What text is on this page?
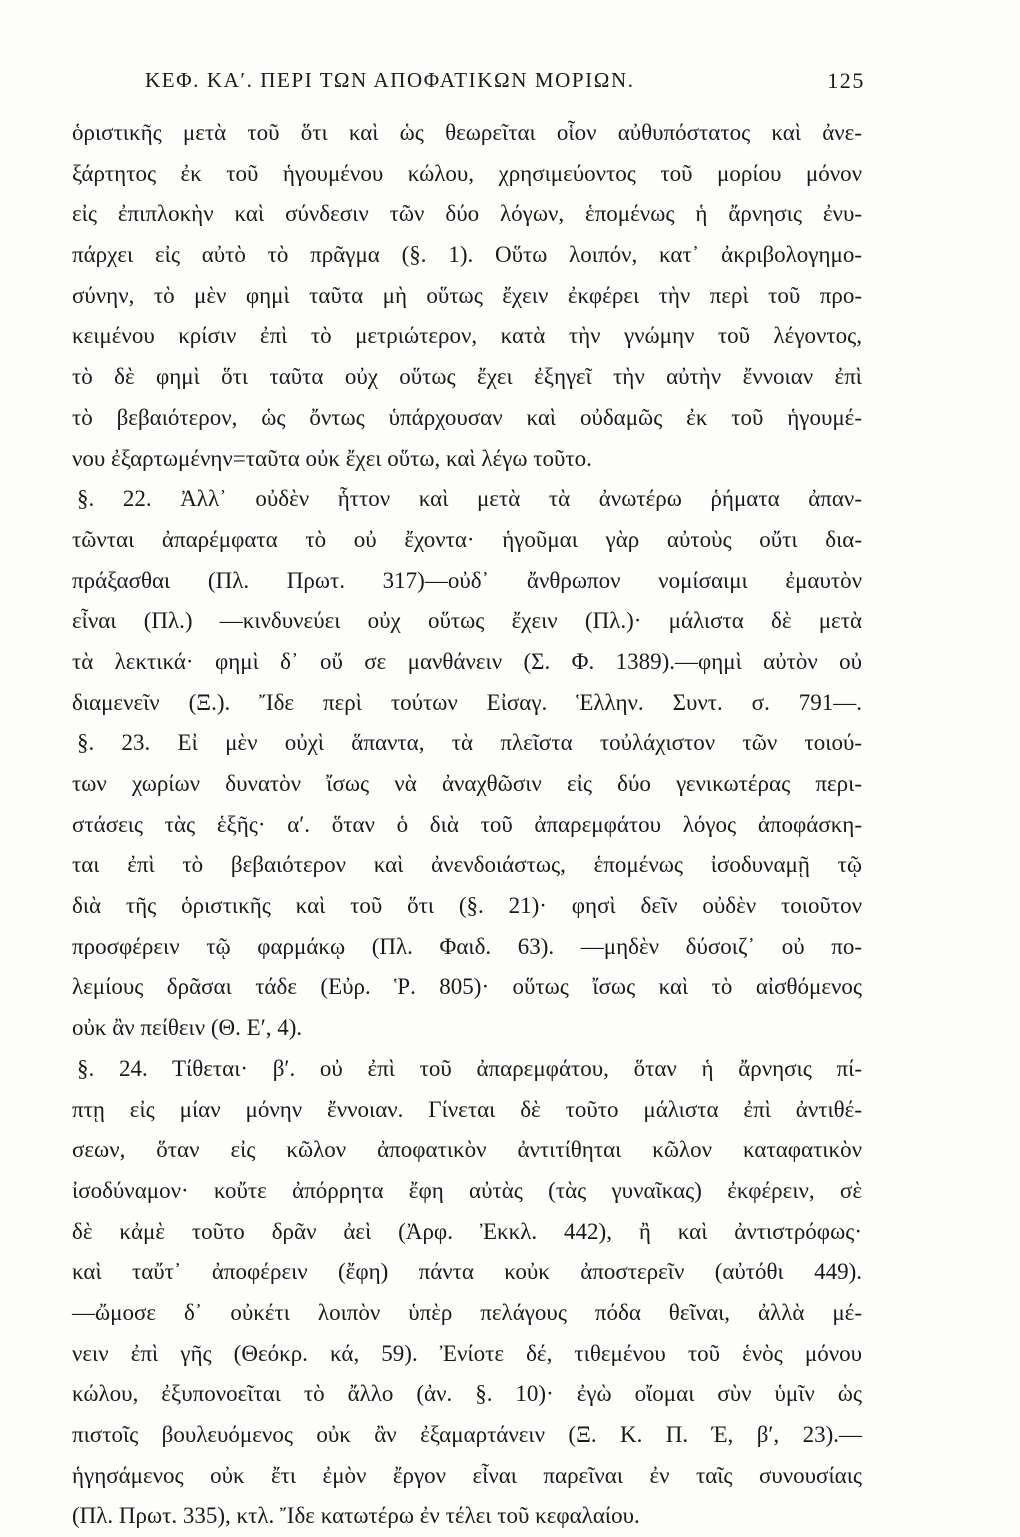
ΚΕΦ. ΚΑʹ. ΠΕΡΙ ΤΩΝ ΑΠΟΦΑΤΙΚΩΝ ΜΟΡΙΩΝ.	125
ὁριστικῆς μετὰ τοῦ ὅτι καὶ ὡς θεωρεῖται οἷον αὐθυπόστατος καὶ ἀνε-
ξάρτητος ἐκ τοῦ ἡγουμένου κώλου, χρησιμεύοντος τοῦ μορίου μόνον
εἰς ἐπιπλοκὴν καὶ σύνδεσιν τῶν δύο λόγων, ἑπομένως ἡ ἄρνησις ἐνυ-
πάρχει εἰς αὐτὸ τὸ πρᾶγμα (§. 1). Οὕτω λοιπόν, κατ᾽ ἀκριβολογημο-
σύνην, τὸ μὲν φημὶ ταῦτα μὴ οὕτως ἔχειν ἐκφέρει τὴν περὶ τοῦ προ-
κειμένου κρίσιν ἐπὶ τὸ μετριώτερον, κατὰ τὴν γνώμην τοῦ λέγοντος,
τὸ δὲ φημὶ ὅτι ταῦτα οὐχ οὕτως ἔχει ἐξηγεῖ τὴν αὐτὴν ἔννοιαν ἐπὶ
τὸ βεβαιότερον, ὡς ὄντως ὑπάρχουσαν καὶ οὐδαμῶς ἐκ τοῦ ἡγουμέ-
νου ἐξαρτωμένην=ταῦτα οὐκ ἔχει οὕτω, καὶ λέγω τοῦτο.
§. 22. Ἀλλ᾽ οὐδὲν ἧττον καὶ μετὰ τὰ ἀνωτέρω ῥήματα ἀπαν-
τῶνται ἀπαρέμφατα τὸ οὐ ἔχοντα· ἡγοῦμαι γὰρ αὐτοὺς οὔτι δια-
πράξασθαι (Πλ. Πρωτ. 317)—οὐδ᾽ ἄνθρωπον νομίσαιμι ἐμαυτὸν
εἶναι (Πλ.) —κινδυνεύει οὐχ οὕτως ἔχειν (Πλ.)· μάλιστα δὲ μετὰ
τὰ λεκτικά· φημὶ δ᾽ οὔ σε μανθάνειν (Σ. Φ. 1389).—φημὶ αὐτὸν οὐ
διαμενεῖν (Ξ.). Ἴδε περὶ τούτων Εἰσαγ. Ἑλλην. Συντ. σ. 791—.
§. 23. Εἰ μὲν οὐχὶ ἅπαντα, τὰ πλεῖστα τοὐλάχιστον τῶν τοιού-
των χωρίων δυνατὸν ἴσως νὰ ἀναχθῶσιν εἰς δύο γενικωτέρας περι-
στάσεις τὰς ἑξῆς· αʹ. ὅταν ὁ διὰ τοῦ ἀπαρεμφάτου λόγος ἀποφάσκη-
ται ἐπὶ τὸ βεβαιότερον καὶ ἀνενδοιάστως, ἑπομένως ἰσοδυναμῇ τῷ
διὰ τῆς ὁριστικῆς καὶ τοῦ ὅτι (§. 21)· φησὶ δεῖν οὐδὲν τοιοῦτον
προσφέρειν τῷ φαρμάκῳ (Πλ. Φαιδ. 63). —μηδὲν δύσοιζ᾽ οὐ πο-
λεμίους δρᾶσαι τάδε (Εὐρ. Ῥ. 805)· οὕτως ἴσως καὶ τὸ αἰσθόμενος
οὐκ ἂν πείθειν (Θ. Εʹ, 4).
§. 24. Τίθεται· βʹ. οὐ ἐπὶ τοῦ ἀπαρεμφάτου, ὅταν ἡ ἄρνησις πί-
πτῃ εἰς μίαν μόνην ἔννοιαν. Γίνεται δὲ τοῦτο μάλιστα ἐπὶ ἀντιθέ-
σεων, ὅταν εἰς κῶλον ἀποφατικὸν ἀντιτίθηται κῶλον καταφατικὸν
ἰσοδύναμον· κοὔτε ἀπόρρητα ἔφη αὐτὰς (τὰς γυναῖκας) ἐκφέρειν, σὲ
δὲ κἀμὲ τοῦτο δρᾶν ἀεὶ (Ἀρφ. Ἐκκλ. 442), ἢ καὶ ἀντιστρόφως·
καὶ ταὔτ᾽ ἀποφέρειν (ἔφη) πάντα κοὐκ ἀποστερεῖν (αὐτόθι 449).
—ὤμοσε δ᾽ οὐκέτι λοιπὸν ὑπὲρ πελάγους πόδα θεῖναι, ἀλλὰ μέ-
νειν ἐπὶ γῆς (Θεόκρ. κά, 59). Ἐνίοτε δέ, τιθεμένου τοῦ ἑνὸς μόνου
κώλου, ἐξυπονοεῖται τὸ ἄλλο (ἀν. §. 10)· ἐγὼ οἴομαι σὺν ὑμῖν ὡς
πιστοῖς βουλευόμενος οὐκ ἂν ἐξαμαρτάνειν (Ξ. Κ. Π. Έ, βʹ, 23).—
ἡγησάμενος οὐκ ἔτι ἐμὸν ἔργον εἶναι παρεῖναι ἐν ταῖς συνουσίαις
(Πλ. Πρωτ. 335), κτλ. Ἴδε κατωτέρω ἐν τέλει τοῦ κεφαλαίου.
